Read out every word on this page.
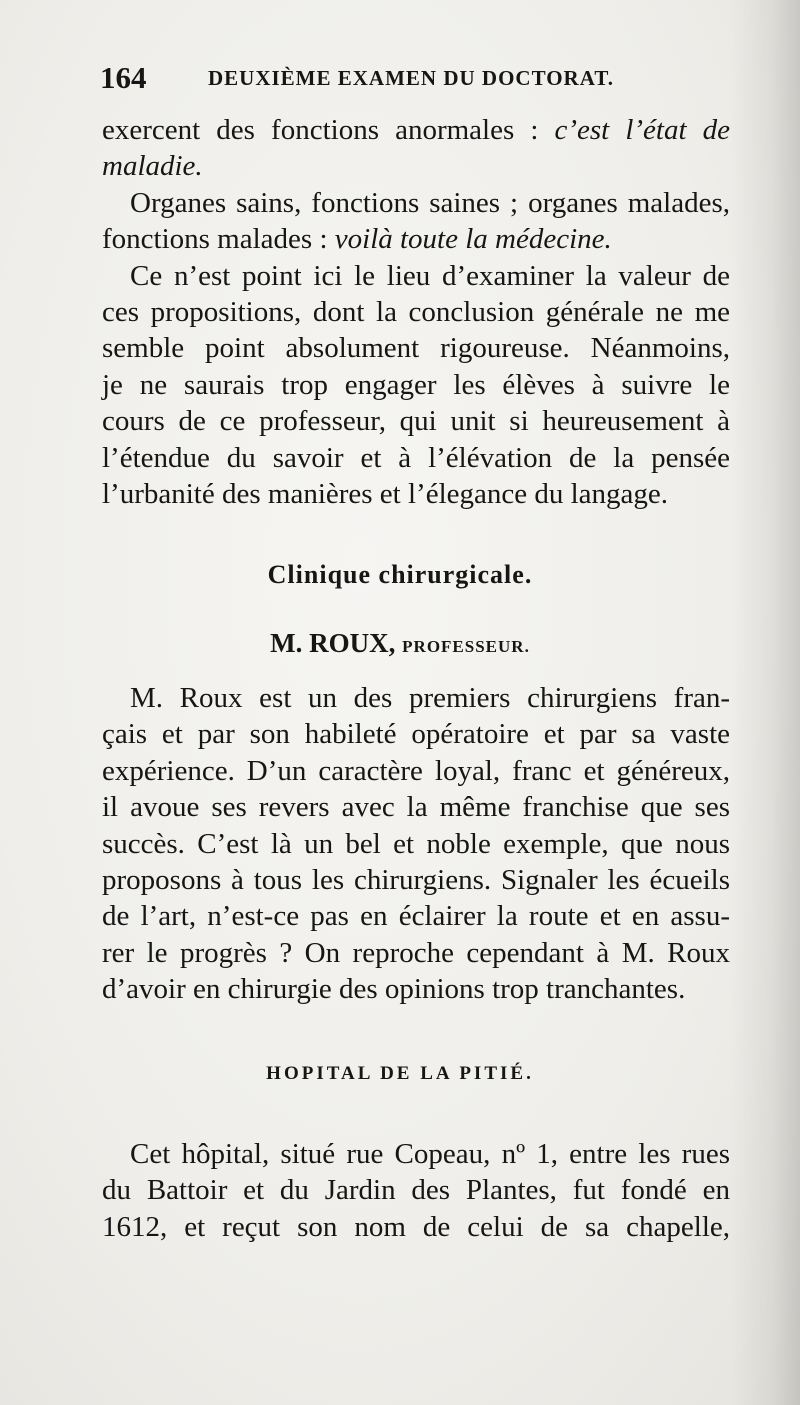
164	DEUXIÈME EXAMEN DU DOCTORAT.
exercent des fonctions anormales : c’est l’état de
maladie.
Organes sains, fonctions saines ; organes malades,
fonctions malades : voilà toute la médecine.
Ce n’est point ici le lieu d’examiner la valeur de
ces propositions, dont la conclusion générale ne me
semble point absolument rigoureuse. Néanmoins,
je ne saurais trop engager les élèves à suivre le
cours de ce professeur, qui unit si heureusement à
l’étendue du savoir et à l’élévation de la pensée
l’urbanité des manières et l’élegance du langage.
Clinique chirurgicale.
M. ROUX, PROFESSEUR.
M. Roux est un des premiers chirurgiens fran-
çais et par son habileté opératoire et par sa vaste
expérience. D’un caractère loyal, franc et généreux,
il avoue ses revers avec la même franchise que ses
succès. C’est là un bel et noble exemple, que nous
proposons à tous les chirurgiens. Signaler les écueils
de l’art, n’est-ce pas en éclairer la route et en assu-
rer le progrès ? On reproche cependant à M. Roux
d’avoir en chirurgie des opinions trop tranchantes.
HOPITAL DE LA PITIÉ.
Cet hôpital, situé rue Copeau, nº 1, entre les rues
du Battoir et du Jardin des Plantes, fut fondé en
1612, et reçut son nom de celui de sa chapelle,
